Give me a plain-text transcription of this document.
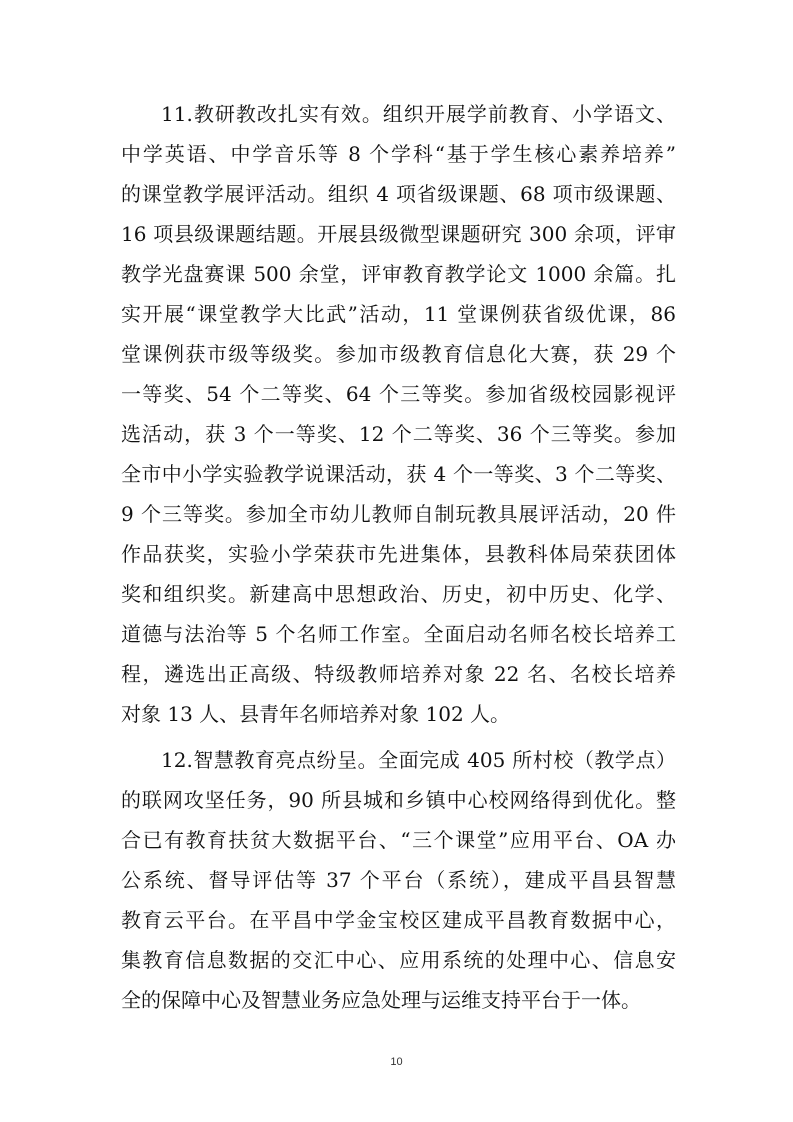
11.教研教改扎实有效。组织开展学前教育、小学语文、
中学英语、中学音乐等 8 个学科“基于学生核心素养培养”
的课堂教学展评活动。组织 4 项省级课题、68 项市级课题、
16 项县级课题结题。开展县级微型课题研究 300 余项，评审
教学光盘赛课 500 余堂，评审教育教学论文 1000 余篇。扎
实开展“课堂教学大比武”活动，11 堂课例获省级优课，86
堂课例获市级等级奖。参加市级教育信息化大赛，获 29 个
一等奖、54 个二等奖、64 个三等奖。参加省级校园影视评
选活动，获 3 个一等奖、12 个二等奖、36 个三等奖。参加
全市中小学实验教学说课活动，获 4 个一等奖、3 个二等奖、
9 个三等奖。参加全市幼儿教师自制玩教具展评活动，20 件
作品获奖，实验小学荣获市先进集体，县教科体局荣获团体
奖和组织奖。新建高中思想政治、历史，初中历史、化学、
道德与法治等 5 个名师工作室。全面启动名师名校长培养工
程，遴选出正高级、特级教师培养对象 22 名、名校长培养
对象 13 人、县青年名师培养对象 102 人。
12.智慧教育亮点纷呈。全面完成 405 所村校（教学点）
的联网攻坚任务，90 所县城和乡镇中心校网络得到优化。整
合已有教育扶贫大数据平台、“三个课堂”应用平台、OA 办
公系统、督导评估等 37 个平台（系统），建成平昌县智慧
教育云平台。在平昌中学金宝校区建成平昌教育数据中心，
集教育信息数据的交汇中心、应用系统的处理中心、信息安
全的保障中心及智慧业务应急处理与运维支持平台于一体。
10
